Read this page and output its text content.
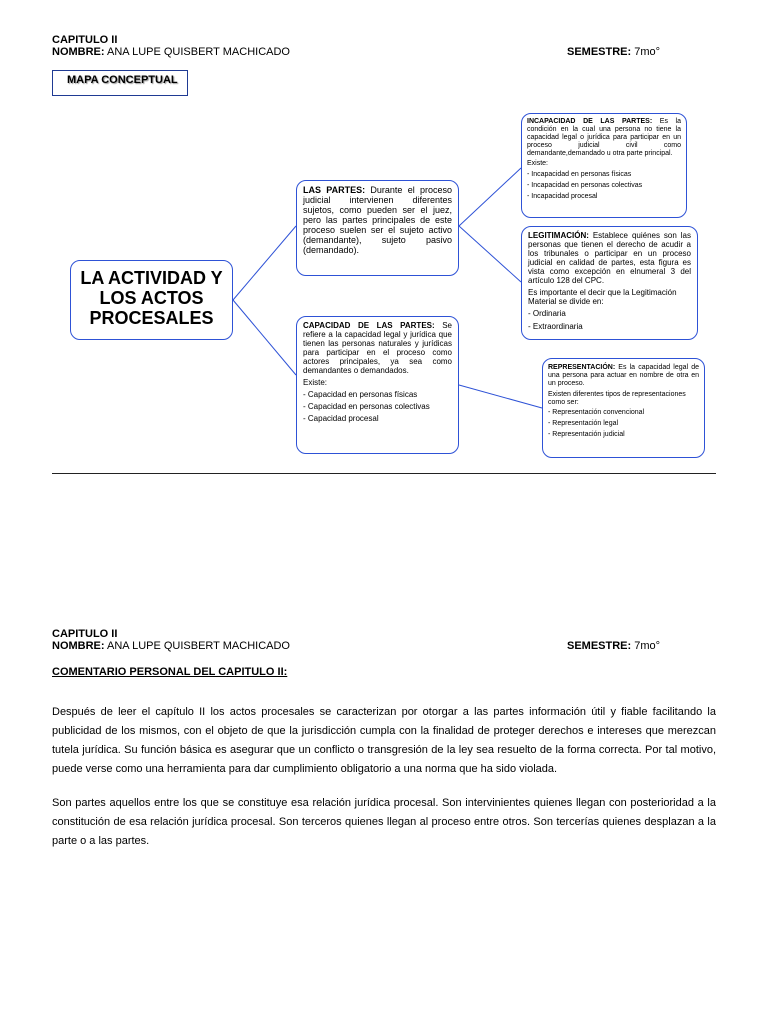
CAPITULO II
NOMBRE: ANA LUPE QUISBERT MACHICADO	SEMESTRE: 7mo°
MAPA CONCEPTUAL
LA ACTIVIDAD Y LOS ACTOS PROCESALES

LAS PARTES: Durante el proceso judicial intervienen diferentes sujetos, como pueden ser el juez, pero las partes principales de este proceso suelen ser el sujeto activo (demandante), sujeto pasivo (demandado).

CAPACIDAD DE LAS PARTES: Se refiere a la capacidad legal y jurídica que tienen las personas naturales y jurídicas para participar en el proceso como actores principales, ya sea como demandantes o demandados.

Existe:

- Capacidad en personas físicas

- Capacidad en personas colectivas

- Capacidad procesal

INCAPACIDAD DE LAS PARTES: Es la condición en la cual una persona no tiene la capacidad legal o jurídica para participar en un proceso judicial civil como demandante,demandado u otra parte principal.

Existe:

- Incapacidad en personas físicas

- Incapacidad en personas colectivas

- Incapacidad procesal

LEGITIMACIÓN: Establece quiénes son las personas que tienen el derecho de acudir a los tribunales o participar en un proceso judicial en calidad de partes, esta figura es vista como excepción en elnumeral 3 del artículo 128 del CPC.

Es importante el decir que la Legitimación Material se divide en:

- Ordinaria

- Extraordinaria

REPRESENTACIÓN: Es la capacidad legal de una persona para actuar en nombre de otra en un proceso.

Existen diferentes tipos de representaciones como ser:

- Representación convencional

- Representación legal

- Representación judicial

CAPITULO II
NOMBRE: ANA LUPE QUISBERT MACHICADO	SEMESTRE: 7mo°
COMENTARIO PERSONAL DEL CAPITULO II:
Después de leer el capítulo II los actos procesales se caracterizan por otorgar a las partes información útil y fiable facilitando la publicidad de los mismos, con el objeto de que la jurisdicción cumpla con la finalidad de proteger derechos e intereses que merezcan tutela jurídica. Su función básica es asegurar que un conflicto o transgresión de la ley sea resuelto de la forma correcta. Por tal motivo, puede verse como una herramienta para dar cumplimiento obligatorio a una norma que ha sido violada.
Son partes aquellos entre los que se constituye esa relación jurídica procesal. Son intervinientes quienes llegan con posterioridad a la constitución de esa relación jurídica procesal. Son terceros quienes llegan al proceso entre otros. Son tercerías quienes desplazan a la parte o a las partes.
